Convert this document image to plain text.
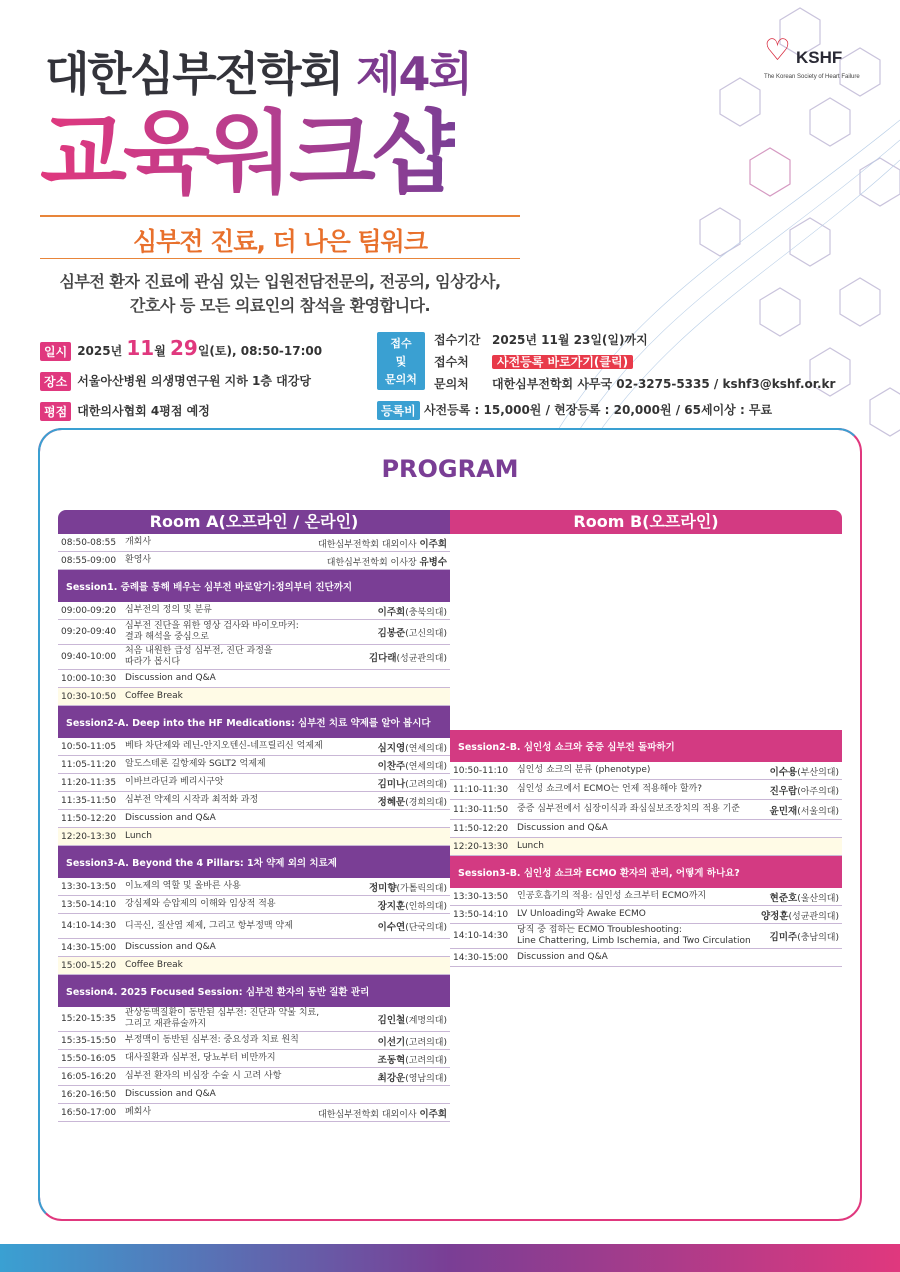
♡ KSHF
The Korean Society of Heart Failure
대한심부전학회 제4회
교육워크샵
심부전 진료, 더 나은 팀워크
심부전 환자 진료에 관심 있는 입원전담전문의, 전공의, 임상강사,
간호사 등 모든 의료인의 참석을 환영합니다.
일시 2025년 11월 29일(토), 08:50-17:00
장소 서울아산병원 의생명연구원 지하 1층 대강당
평점 대한의사협회 4평점 예정
접수
및
문의처
접수기간 2025년 11월 23일(일)까지
접수처 사전등록 바로가기(클릭)
문의처 대한심부전학회 사무국 02-3275-5335 / kshf3@kshf.or.kr
등록비 사전등록 : 15,000원 / 현장등록 : 20,000원 / 65세이상 : 무료
PROGRAM
Room A(오프라인 / 온라인)	Room B(오프라인)
08:50-08:55 개회사	대한심부전학회 대외이사 이주희
08:55-09:00 환영사	대한심부전학회 이사장 유병수
Session1. 증례를 통해 배우는 심부전 바로알기:정의부터 진단까지
09:00-09:20 심부전의 정의 및 분류	이주희(충북의대)
09:20-09:40
심부전 진단을 위한 영상 검사와 바이오마커:
결과 해석을 중심으로	김봉준(고신의대)
09:40-10:00
처음 내원한 급성 심부전, 진단 과정을
따라가 봅시다	김다래(성균관의대)
10:00-10:30 Discussion and Q&A
10:30-10:50 Coffee Break
Session2-A. Deep into the HF Medications: 심부전 치료 약제를 알아 봅시다
10:50-11:05 베타 차단제와 레닌-안지오텐신-네프릴리신 억제제	심지영(연세의대)
11:05-11:20 알도스테론 길항제와 SGLT2 억제제	이찬주(연세의대)
11:20-11:35 이바브라딘과 베리시구앗	김미나(고려의대)
11:35-11:50 심부전 약제의 시작과 최적화 과정	정혜문(경희의대)
11:50-12:20 Discussion and Q&A
12:20-13:30 Lunch
Session3-A. Beyond the 4 Pillars: 1차 약제 외의 치료제
13:30-13:50 이뇨제의 역할 및 올바른 사용	정미향(가톨릭의대)
13:50-14:10 강심제와 승압제의 이해와 임상적 적용	장지훈(인하의대)
14:10-14:30 디곡신, 질산염 제제, 그리고 항부정맥 약제	이수연(단국의대)
14:30-15:00 Discussion and Q&A
15:00-15:20 Coffee Break
Session4. 2025 Focused Session: 심부전 환자의 동반 질환 관리
15:20-15:35
관상동맥질환이 동반된 심부전: 진단과 약물 치료,
그리고 재관류술까지	김인철(계명의대)
15:35-15:50 부정맥이 동반된 심부전: 중요성과 치료 원칙	이선기(고려의대)
15:50-16:05 대사질환과 심부전, 당뇨부터 비만까지	조동혁(고려의대)
16:05-16:20 심부전 환자의 비심장 수술 시 고려 사항	최강운(영남의대)
16:20-16:50 Discussion and Q&A
16:50-17:00 폐회사	대한심부전학회 대외이사 이주희
Session2-B. 심인성 쇼크와 중증 심부전 돌파하기
10:50-11:10 심인성 쇼크의 분류 (phenotype)	이수용(부산의대)
11:10-11:30 심인성 쇼크에서 ECMO는 언제 적용해야 할까?	진우람(아주의대)
11:30-11:50 중증 심부전에서 심장이식과 좌심실보조장치의 적용 기준	윤민재(서울의대)
11:50-12:20 Discussion and Q&A
12:20-13:30 Lunch
Session3-B. 심인성 쇼크와 ECMO 환자의 관리, 어떻게 하나요?
13:30-13:50 인공호흡기의 적용: 심인성 쇼크부터 ECMO까지	현준호(울산의대)
13:50-14:10 LV Unloading와 Awake ECMO	양정훈(성균관의대)
14:10-14:30
당직 중 접하는 ECMO Troubleshooting:
Line Chattering, Limb Ischemia, and Two Circulation	김미주(충남의대)
14:30-15:00 Discussion and Q&A
